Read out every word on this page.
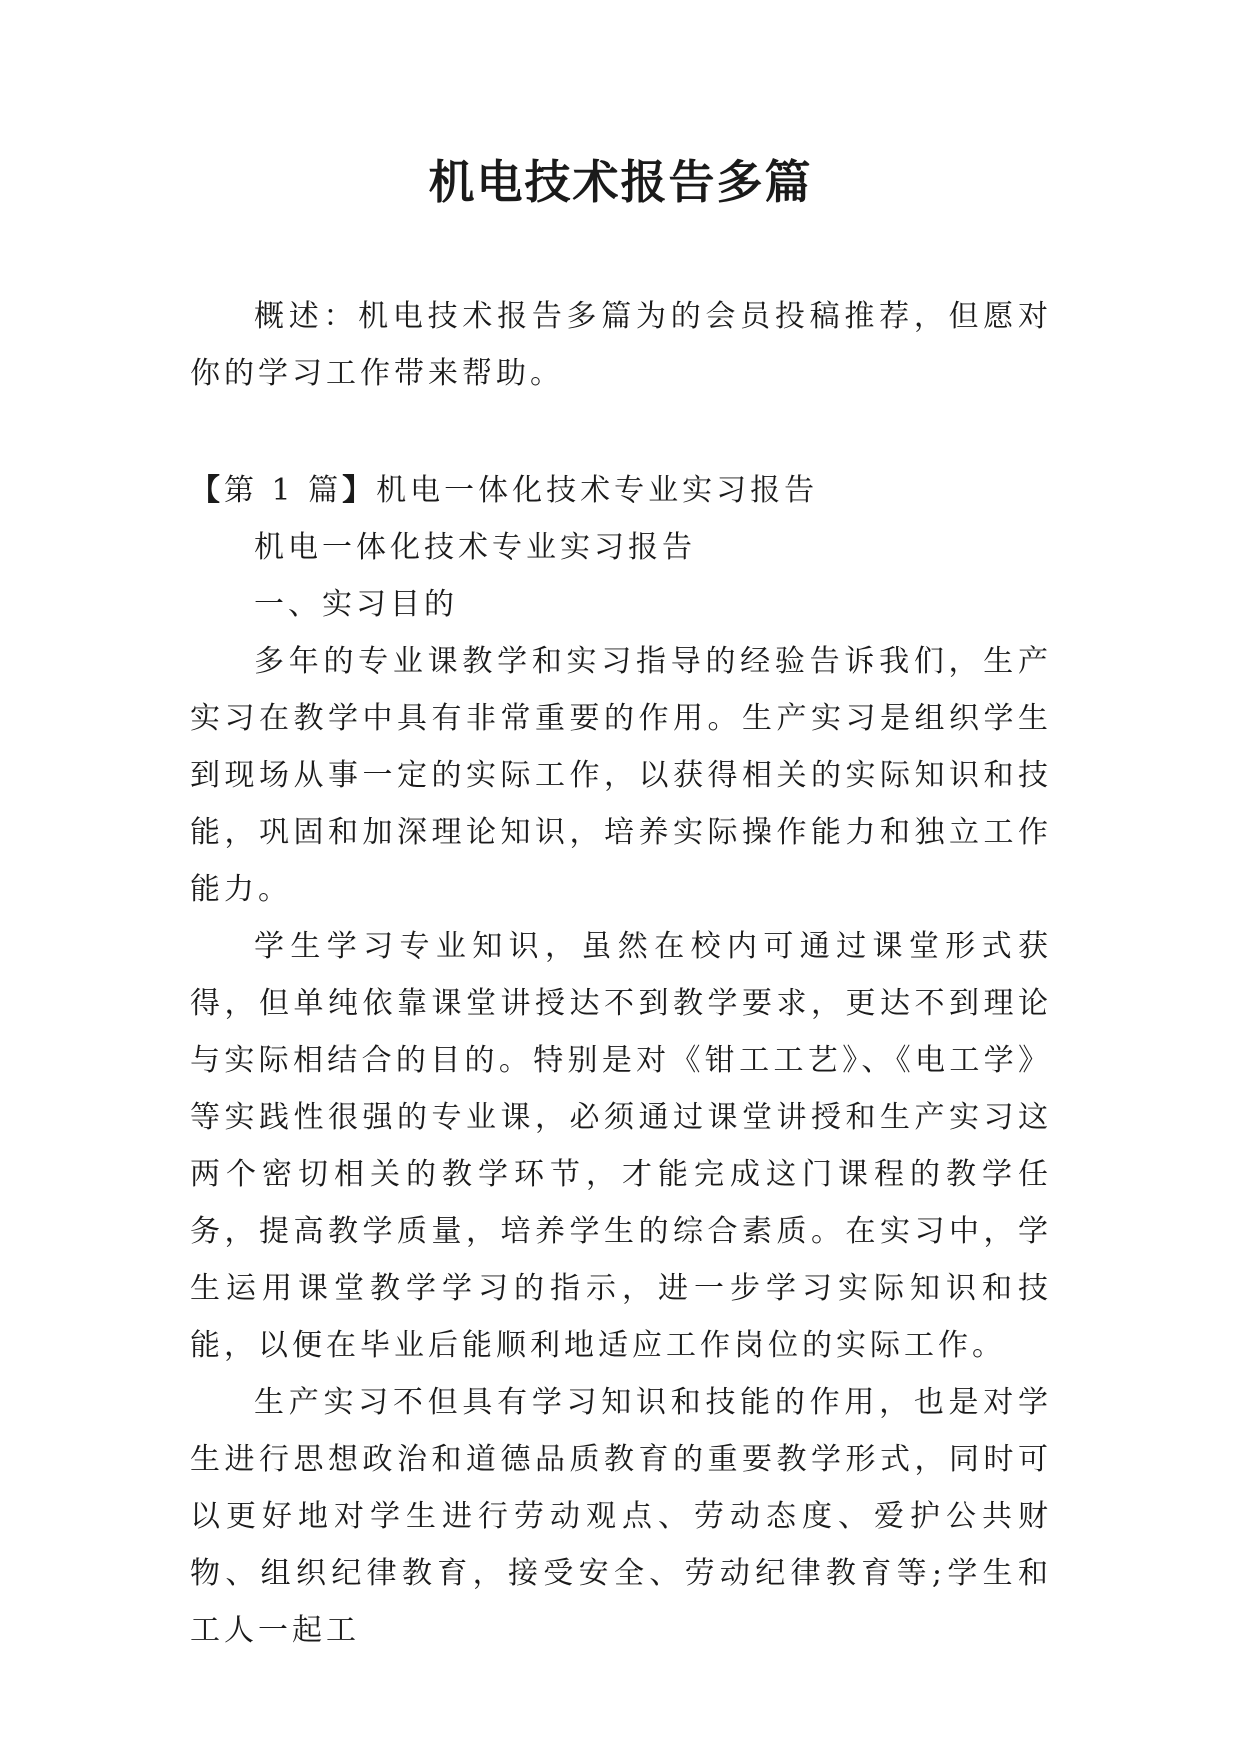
机电技术报告多篇

概述：机电技术报告多篇为的会员投稿推荐，但愿对你的学习工作带来帮助。

【第 1 篇】机电一体化技术专业实习报告

机电一体化技术专业实习报告

一、实习目的

多年的专业课教学和实习指导的经验告诉我们，生产实习在教学中具有非常重要的作用。生产实习是组织学生到现场从事一定的实际工作，以获得相关的实际知识和技能，巩固和加深理论知识，培养实际操作能力和独立工作能力。

学生学习专业知识，虽然在校内可通过课堂形式获得，但单纯依靠课堂讲授达不到教学要求，更达不到理论与实际相结合的目的。特别是对《钳工工艺》、《电工学》等实践性很强的专业课，必须通过课堂讲授和生产实习这两个密切相关的教学环节，才能完成这门课程的教学任务，提高教学质量，培养学生的综合素质。在实习中，学生运用课堂教学学习的指示，进一步学习实际知识和技能，以便在毕业后能顺利地适应工作岗位的实际工作。

生产实习不但具有学习知识和技能的作用，也是对学生进行思想政治和道德品质教育的重要教学形式，同时可以更好地对学生进行劳动观点、劳动态度、爱护公共财物、组织纪律教育，接受安全、劳动纪律教育等;学生和工人一起工
